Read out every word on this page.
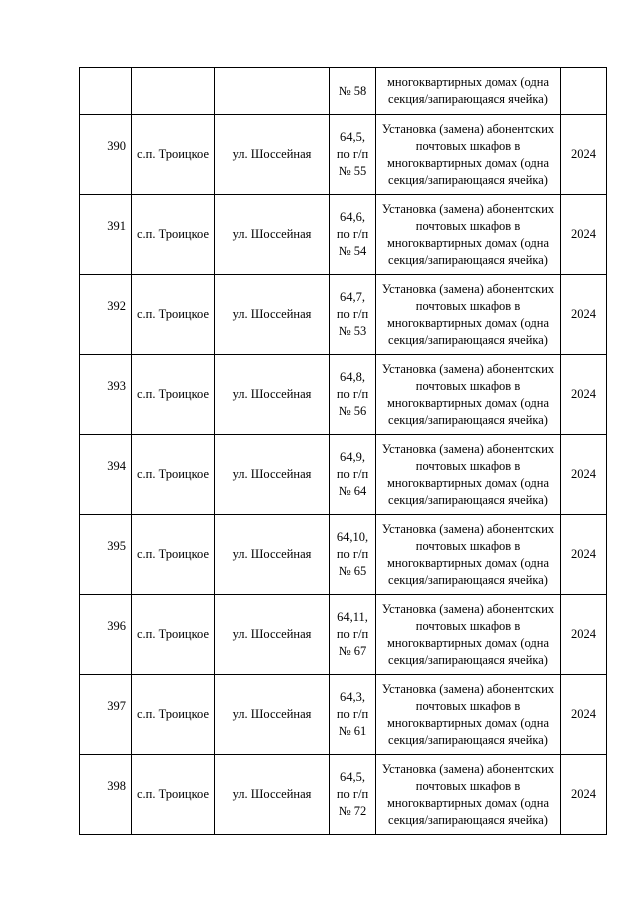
			№ 58	многоквартирных домах (одна
секция/запирающаяся ячейка)	

390	с.п. Троицкое	ул. Шоссейная	64,5,
по г/п
№ 55	Установка (замена) абонентских
почтовых шкафов в
многоквартирных домах (одна
секция/запирающаяся ячейка)	2024
391	с.п. Троицкое	ул. Шоссейная	64,6,
по г/п
№ 54	Установка (замена) абонентских
почтовых шкафов в
многоквартирных домах (одна
секция/запирающаяся ячейка)	2024
392	с.п. Троицкое	ул. Шоссейная	64,7,
по г/п
№ 53	Установка (замена) абонентских
почтовых шкафов в
многоквартирных домах (одна
секция/запирающаяся ячейка)	2024
393	с.п. Троицкое	ул. Шоссейная	64,8,
по г/п
№ 56	Установка (замена) абонентских
почтовых шкафов в
многоквартирных домах (одна
секция/запирающаяся ячейка)	2024
394	с.п. Троицкое	ул. Шоссейная	64,9,
по г/п
№ 64	Установка (замена) абонентских
почтовых шкафов в
многоквартирных домах (одна
секция/запирающаяся ячейка)	2024
395	с.п. Троицкое	ул. Шоссейная	64,10,
по г/п
№ 65	Установка (замена) абонентских
почтовых шкафов в
многоквартирных домах (одна
секция/запирающаяся ячейка)	2024
396	с.п. Троицкое	ул. Шоссейная	64,11,
по г/п
№ 67	Установка (замена) абонентских
почтовых шкафов в
многоквартирных домах (одна
секция/запирающаяся ячейка)	2024
397	с.п. Троицкое	ул. Шоссейная	64,3,
по г/п
№ 61	Установка (замена) абонентских
почтовых шкафов в
многоквартирных домах (одна
секция/запирающаяся ячейка)	2024
398	с.п. Троицкое	ул. Шоссейная	64,5,
по г/п
№ 72	Установка (замена) абонентских
почтовых шкафов в
многоквартирных домах (одна
секция/запирающаяся ячейка)	2024
